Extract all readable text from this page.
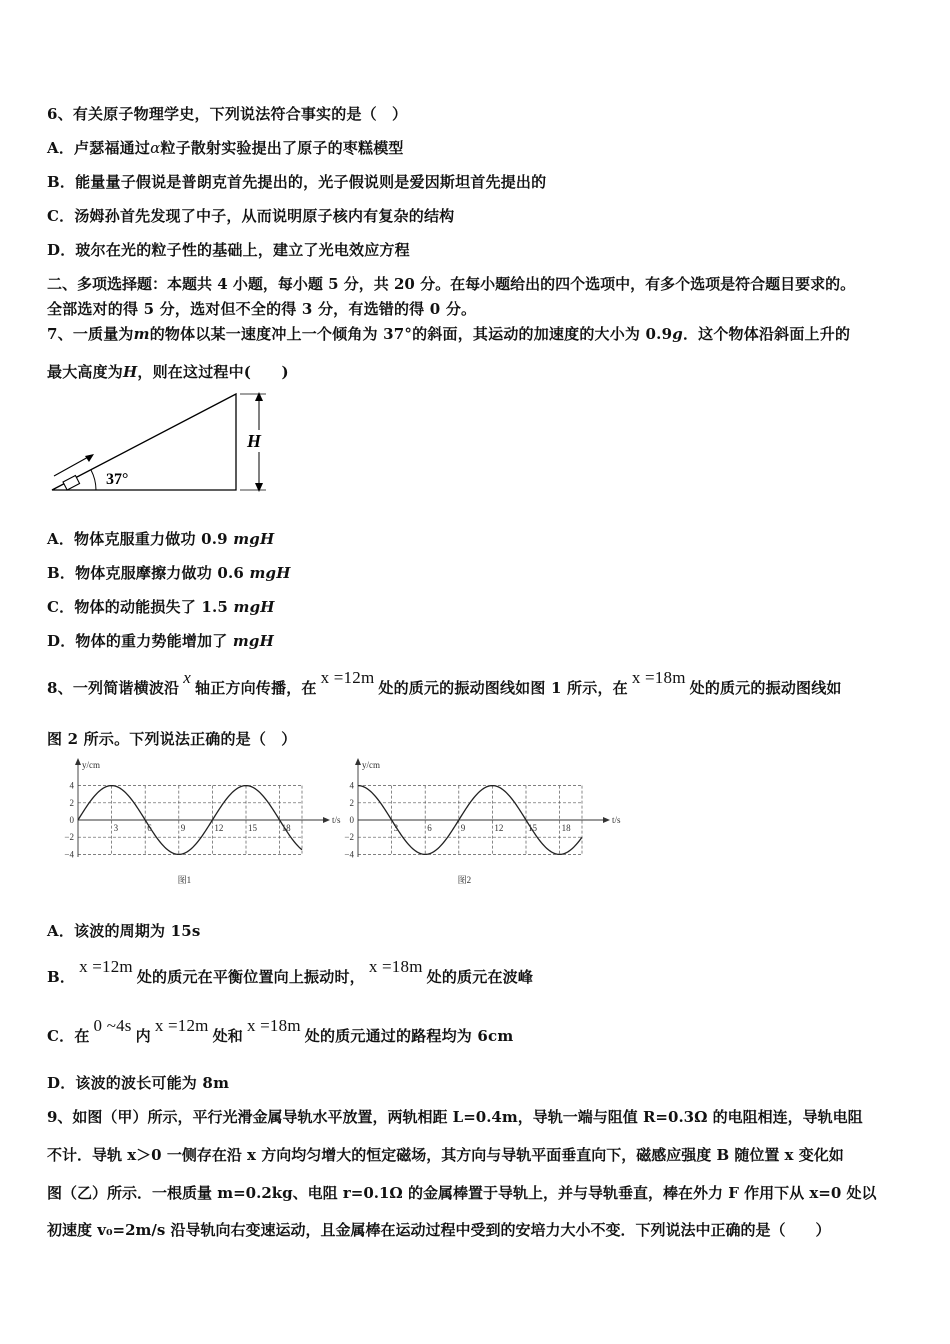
6、有关原子物理学史，下列说法符合事实的是（　）
A．卢瑟福通过α粒子散射实验提出了原子的枣糕模型
B．能量量子假说是普朗克首先提出的，光子假说则是爱因斯坦首先提出的
C．汤姆孙首先发现了中子，从而说明原子核内有复杂的结构
D．玻尔在光的粒子性的基础上，建立了光电效应方程
二、多项选择题：本题共 4 小题，每小题 5 分，共 20 分。在每小题给出的四个选项中，有多个选项是符合题目要求的。
全部选对的得 5 分，选对但不全的得 3 分，有选错的得 0 分。
7、一质量为m的物体以某一速度冲上一个倾角为 37°的斜面，其运动的加速度的大小为 0.9g．这个物体沿斜面上升的
最大高度为H，则在这过程中(　　)
37°
H
A．物体克服重力做功 0.9 mgH
B．物体克服摩擦力做功 0.6 mgH
C．物体的动能损失了 1.5 mgH
D．物体的重力势能增加了 mgH
8、一列简谐横波沿x轴正方向传播，在x =12m处的质元的振动图线如图 1 所示，在x =18m处的质元的振动图线如
图 2 所示。下列说法正确的是（　）
4
2
0
−2
−4
3	6	9	12	15	18
y/cm
t/s
图1
4
2
0
−2
−4
3	6	9	12	15	18
y/cm
t/s
图2
A．该波的周期为 15s
B．x =12m处的质元在平衡位置向上振动时，x =18m处的质元在波峰
C．在0 ~4s内x =12m处和x =18m处的质元通过的路程均为 6cm
D．该波的波长可能为 8m
9、如图（甲）所示，平行光滑金属导轨水平放置，两轨相距 L=0.4m，导轨一端与阻值 R=0.3Ω 的电阻相连，导轨电阻
不计．导轨 x＞0 一侧存在沿 x 方向均匀增大的恒定磁场，其方向与导轨平面垂直向下，磁感应强度 B 随位置 x 变化如
图（乙）所示．一根质量 m=0.2kg、电阻 r=0.1Ω 的金属棒置于导轨上，并与导轨垂直，棒在外力 F 作用下从 x=0 处以
初速度 v₀=2m/s 沿导轨向右变速运动，且金属棒在运动过程中受到的安培力大小不变．下列说法中正确的是（　　）
